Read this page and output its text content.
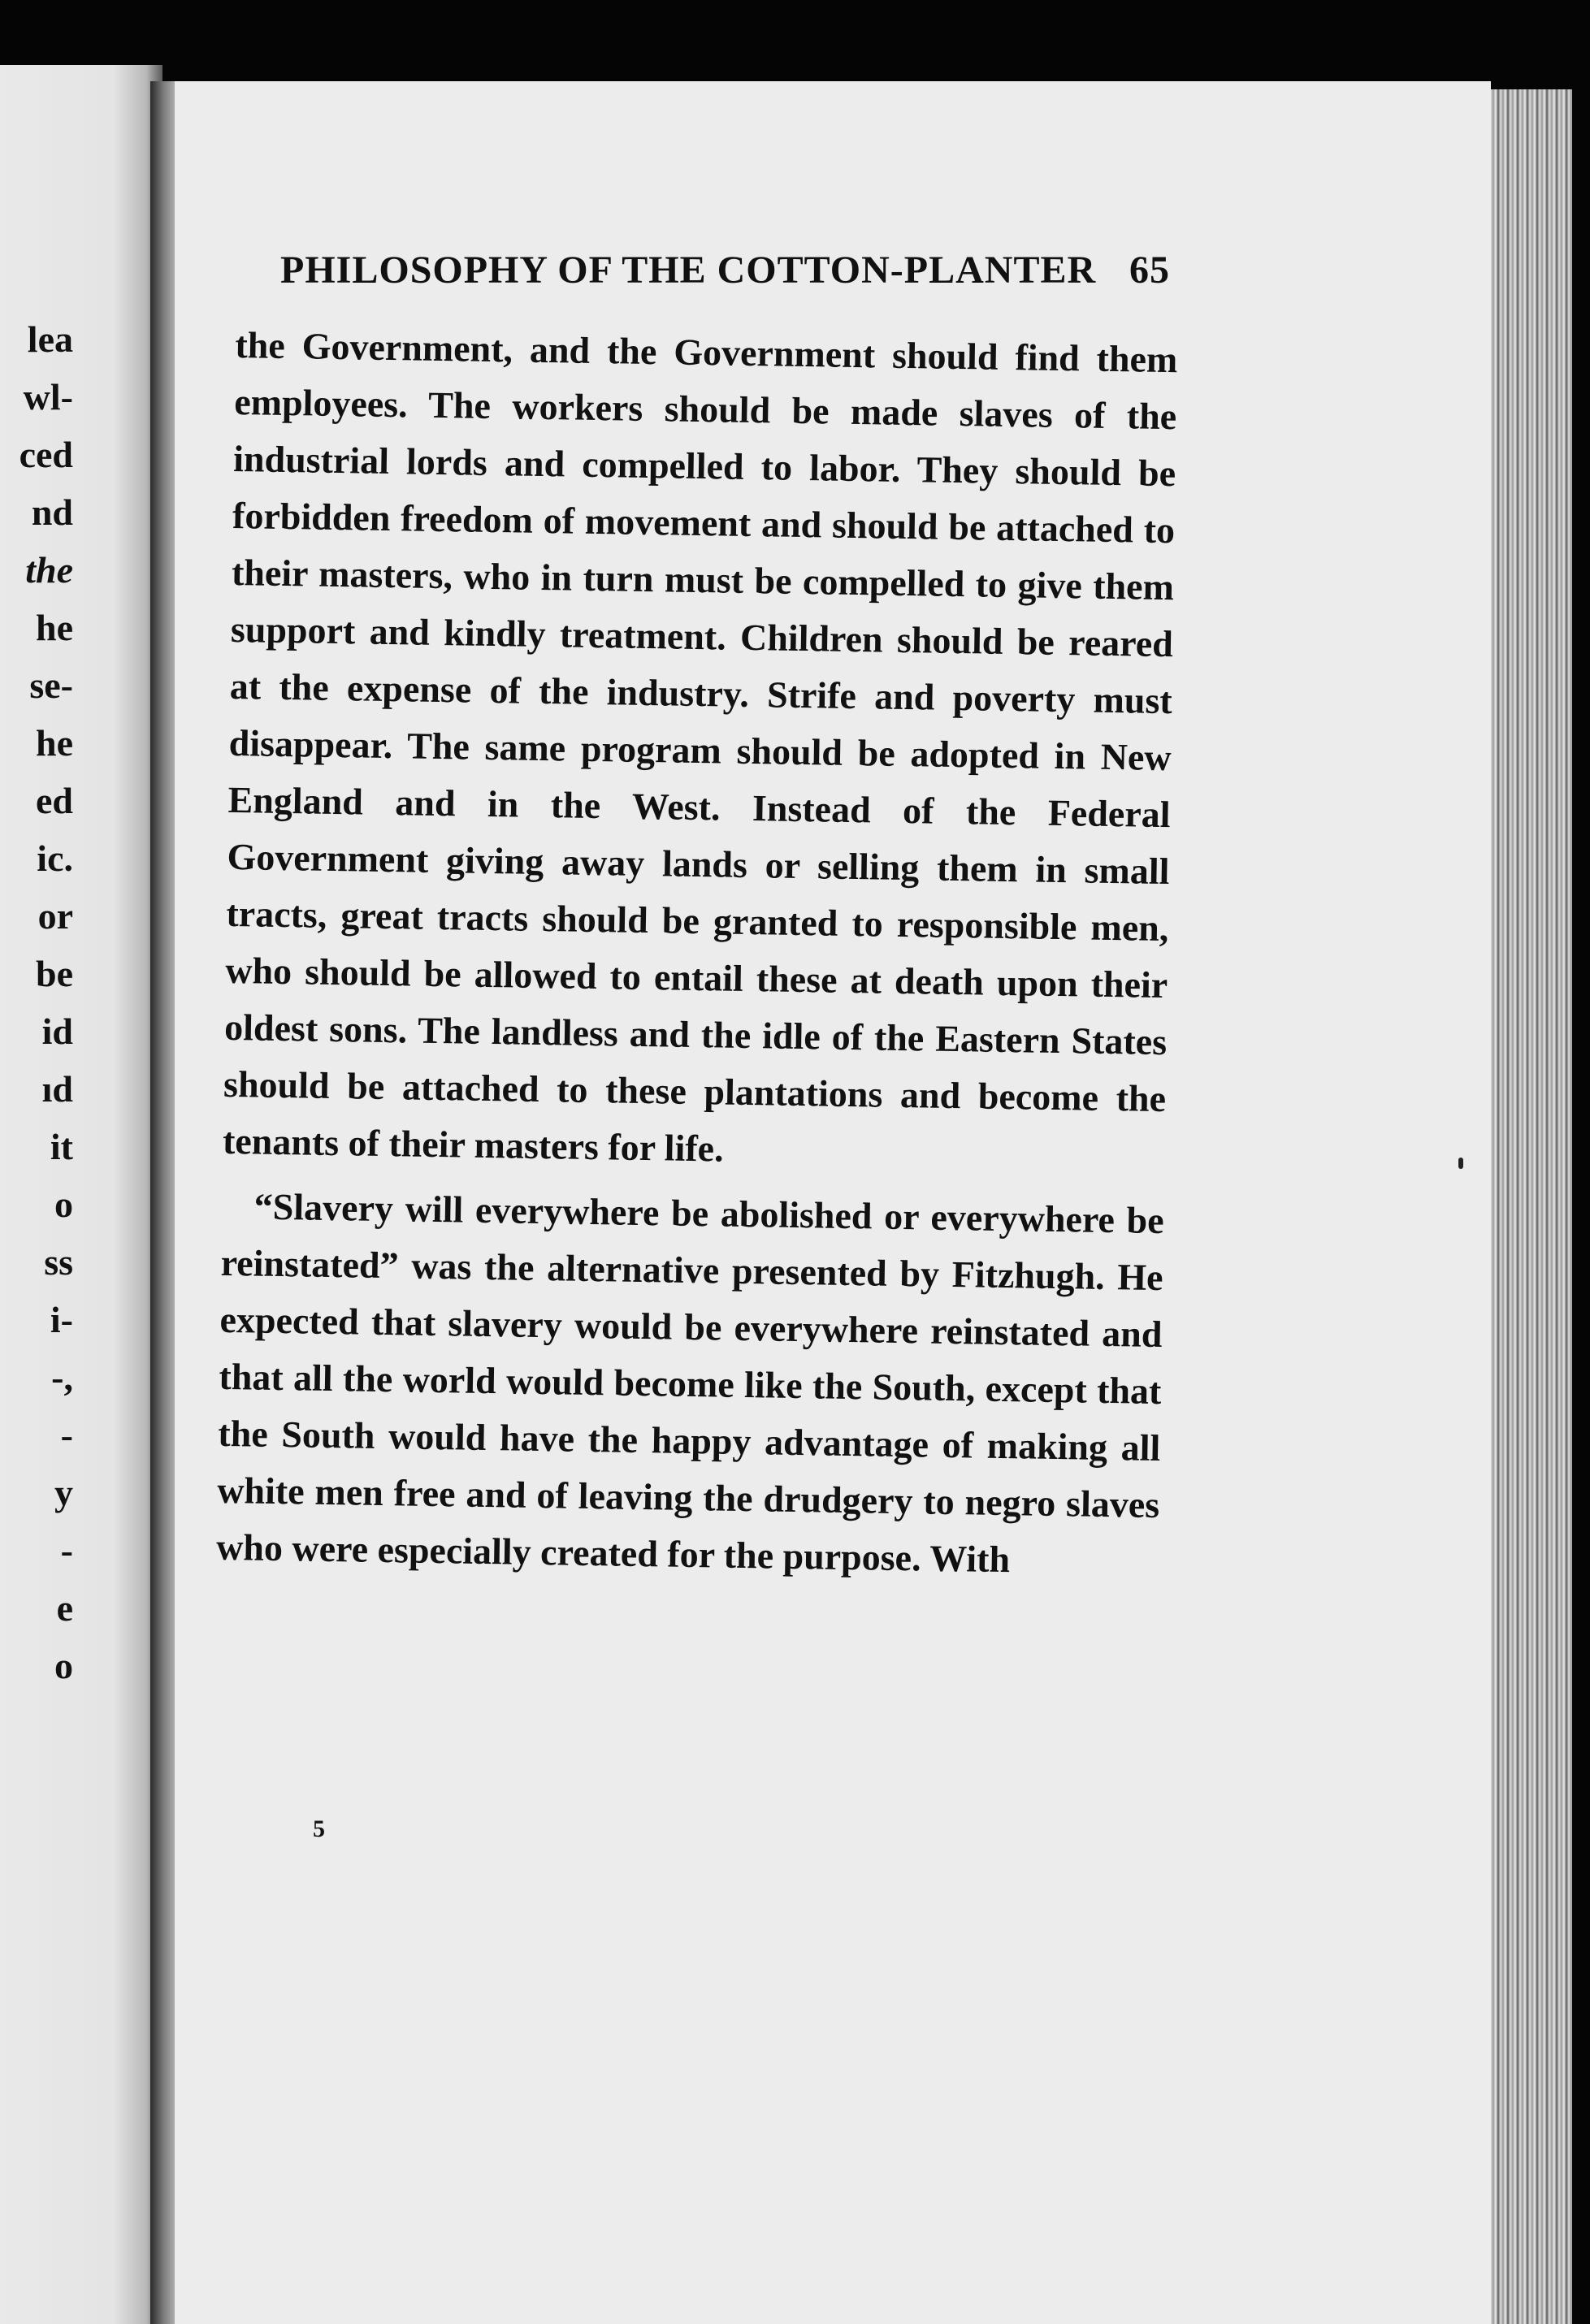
lea
wl-
ced
nd
the
he
se-
he
ed
ic.
or
be
id
ıd
it
o
ss
i-
-,
-
y
-
e
o
PHILOSOPHY OF THE COTTON-PLANTER 65

the Government, and the Government should find them employees. The workers should be made slaves of the industrial lords and compelled to labor. They should be forbidden freedom of movement and should be attached to their masters, who in turn must be compelled to give them support and kindly treatment. Children should be reared at the expense of the industry. Strife and poverty must disappear. The same program should be adopted in New England and in the West. Instead of the Federal Government giving away lands or selling them in small tracts, great tracts should be granted to responsible men, who should be allowed to entail these at death upon their oldest sons. The landless and the idle of the Eastern States should be attached to these plantations and become the tenants of their masters for life.

“Slavery will everywhere be abolished or everywhere be reinstated” was the alternative presented by Fitzhugh. He expected that slavery would be everywhere reinstated and that all the world would become like the South, except that the South would have the happy advantage of making all white men free and of leaving the drudgery to negro slaves who were especially created for the purpose. With

5
